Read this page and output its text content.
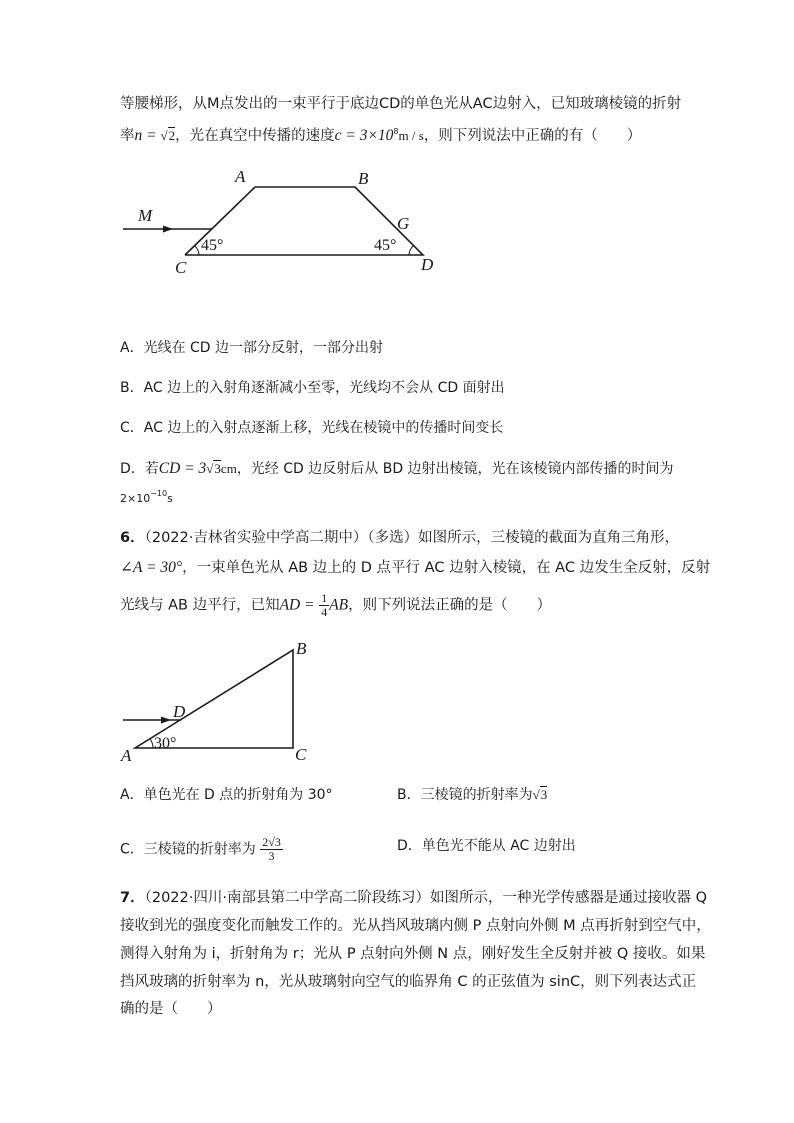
等腰梯形，从M点发出的一束平行于底边CD的单色光从AC边射入，已知玻璃棱镜的折射
率n = √2，光在真空中传播的速度$c = 3\times 10^8m / s$，则下列说法中正确的有（　　）
A	B
M	G
C	D
45°	45°
A．光线在 CD 边一部分反射，一部分出射
B．AC 边上的入射角逐渐减小至零，光线均不会从 CD 面射出
C．AC 边上的入射点逐渐上移，光线在棱镜中的传播时间变长
D．若CD = 3√3cm，光经 CD 边反射后从 BD 边射出棱镜，光在该棱镜内部传播的时间为
$2\times 10^{-10}s$
6．（2022·吉林省实验中学高二期中）（多选）如图所示，三棱镜的截面为直角三角形，
∠A = 30°，一束单色光从 AB 边上的 D 点平行 AC 边射入棱镜，在 AC 边发生全反射，反射
光线与 AB 边平行，已知AD = $\frac{1}{4}$ AB，则下列说法正确的是（　　）
B
D
A	C
30°
A．单色光在 D 点的折射角为 30°	B．三棱镜的折射率为√3
C．三棱镜的折射率为 $\frac{2√3}{3}$	D．单色光不能从 AC 边射出
7．（2022·四川·南部县第二中学高二阶段练习）如图所示，一种光学传感器是通过接收器 Q
接收到光的强度变化而触发工作的。光从挡风玻璃内侧 P 点射向外侧 M 点再折射到空气中，
测得入射角为 i，折射角为 r；光从 P 点射向外侧 N 点，刚好发生全反射并被 Q 接收。如果
挡风玻璃的折射率为 n，光从玻璃射向空气的临界角 C 的正弦值为 sinC，则下列表达式正
确的是（　　）
